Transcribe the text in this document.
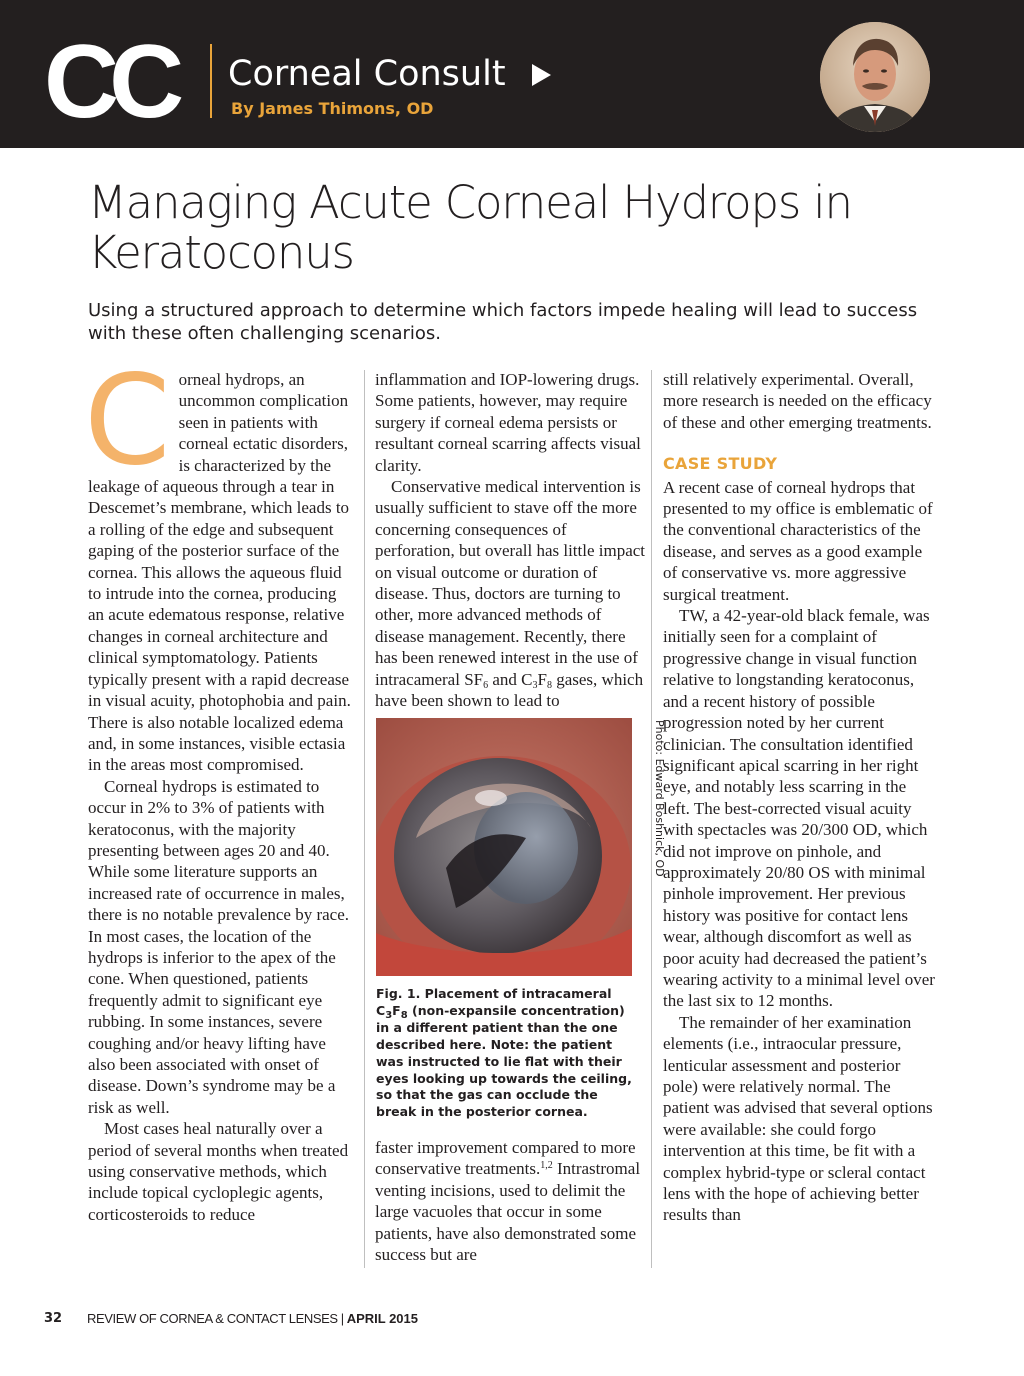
CC Corneal Consult
By James Thimons, OD
Managing Acute Corneal Hydrops in Keratoconus
Using a structured approach to determine which factors impede healing will lead to success with these often challenging scenarios.
C orneal hydrops, an uncommon complication seen in patients with corneal ectatic disorders, is characterized by the leakage of aqueous through a tear in Descemet’s membrane, which leads to a rolling of the edge and subsequent gaping of the posterior surface of the cornea. This allows the aqueous fluid to intrude into the cornea, producing an acute edematous response, relative changes in corneal architecture and clinical symptomatology. Patients typically present with a rapid decrease in visual acuity, photophobia and pain. There is also notable localized edema and, in some instances, visible ectasia in the areas most compromised.

Corneal hydrops is estimated to occur in 2% to 3% of patients with keratoconus, with the majority presenting between ages 20 and 40. While some literature supports an increased rate of occurrence in males, there is no notable prevalence by race. In most cases, the location of the hydrops is inferior to the apex of the cone. When questioned, patients frequently admit to significant eye rubbing. In some instances, severe coughing and/or heavy lifting have also been associated with onset of disease. Down’s syndrome may be a risk as well.

Most cases heal naturally over a period of several months when treated using conservative methods, which include topical cycloplegic agents, corticosteroids to reduce

inflammation and IOP-lowering drugs. Some patients, however, may require surgery if corneal edema persists or resultant corneal scarring affects visual clarity.

Conservative medical intervention is usually sufficient to stave off the more concerning consequences of perforation, but overall has little impact on visual outcome or duration of disease. Thus, doctors are turning to other, more advanced methods of disease management. Recently, there has been renewed interest in the use of intracameral $SF_6$ and $C_3F_8$ gases, which have been shown to lead to

Photo: Edward Boshnick, OD
Fig. 1. Placement of intracameral $C_3F_8$ (non-expansile concentration) in a different patient than the one described here. Note: the patient was instructed to lie flat with their eyes looking up towards the ceiling, so that the gas can occlude the break in the posterior cornea.

faster improvement compared to more conservative treatments.$^{1,2}$ Intrastromal venting incisions, used to delimit the large vacuoles that occur in some patients, have also demonstrated some success but are

still relatively experimental. Overall, more research is needed on the efficacy of these and other emerging treatments.

CASE STUDY

A recent case of corneal hydrops that presented to my office is emblematic of the conventional characteristics of the disease, and serves as a good example of conservative vs. more aggressive surgical treatment.

TW, a 42-year-old black female, was initially seen for a complaint of progressive change in visual function relative to longstanding keratoconus, and a recent history of possible progression noted by her current clinician. The consultation identified significant apical scarring in her right eye, and notably less scarring in the left. The best-corrected visual acuity with spectacles was 20/300 OD, which did not improve on pinhole, and approximately 20/80 OS with minimal pinhole improvement. Her previous history was positive for contact lens wear, although discomfort as well as poor acuity had decreased the patient’s wearing activity to a minimal level over the last six to 12 months.

The remainder of her examination elements (i.e., intraocular pressure, lenticular assessment and posterior pole) were relatively normal. The patient was advised that several options were available: she could forgo intervention at this time, be fit with a complex hybrid-type or scleral contact lens with the hope of achieving better results than

32 REVIEW OF CORNEA & CONTACT LENSES | APRIL 2015
